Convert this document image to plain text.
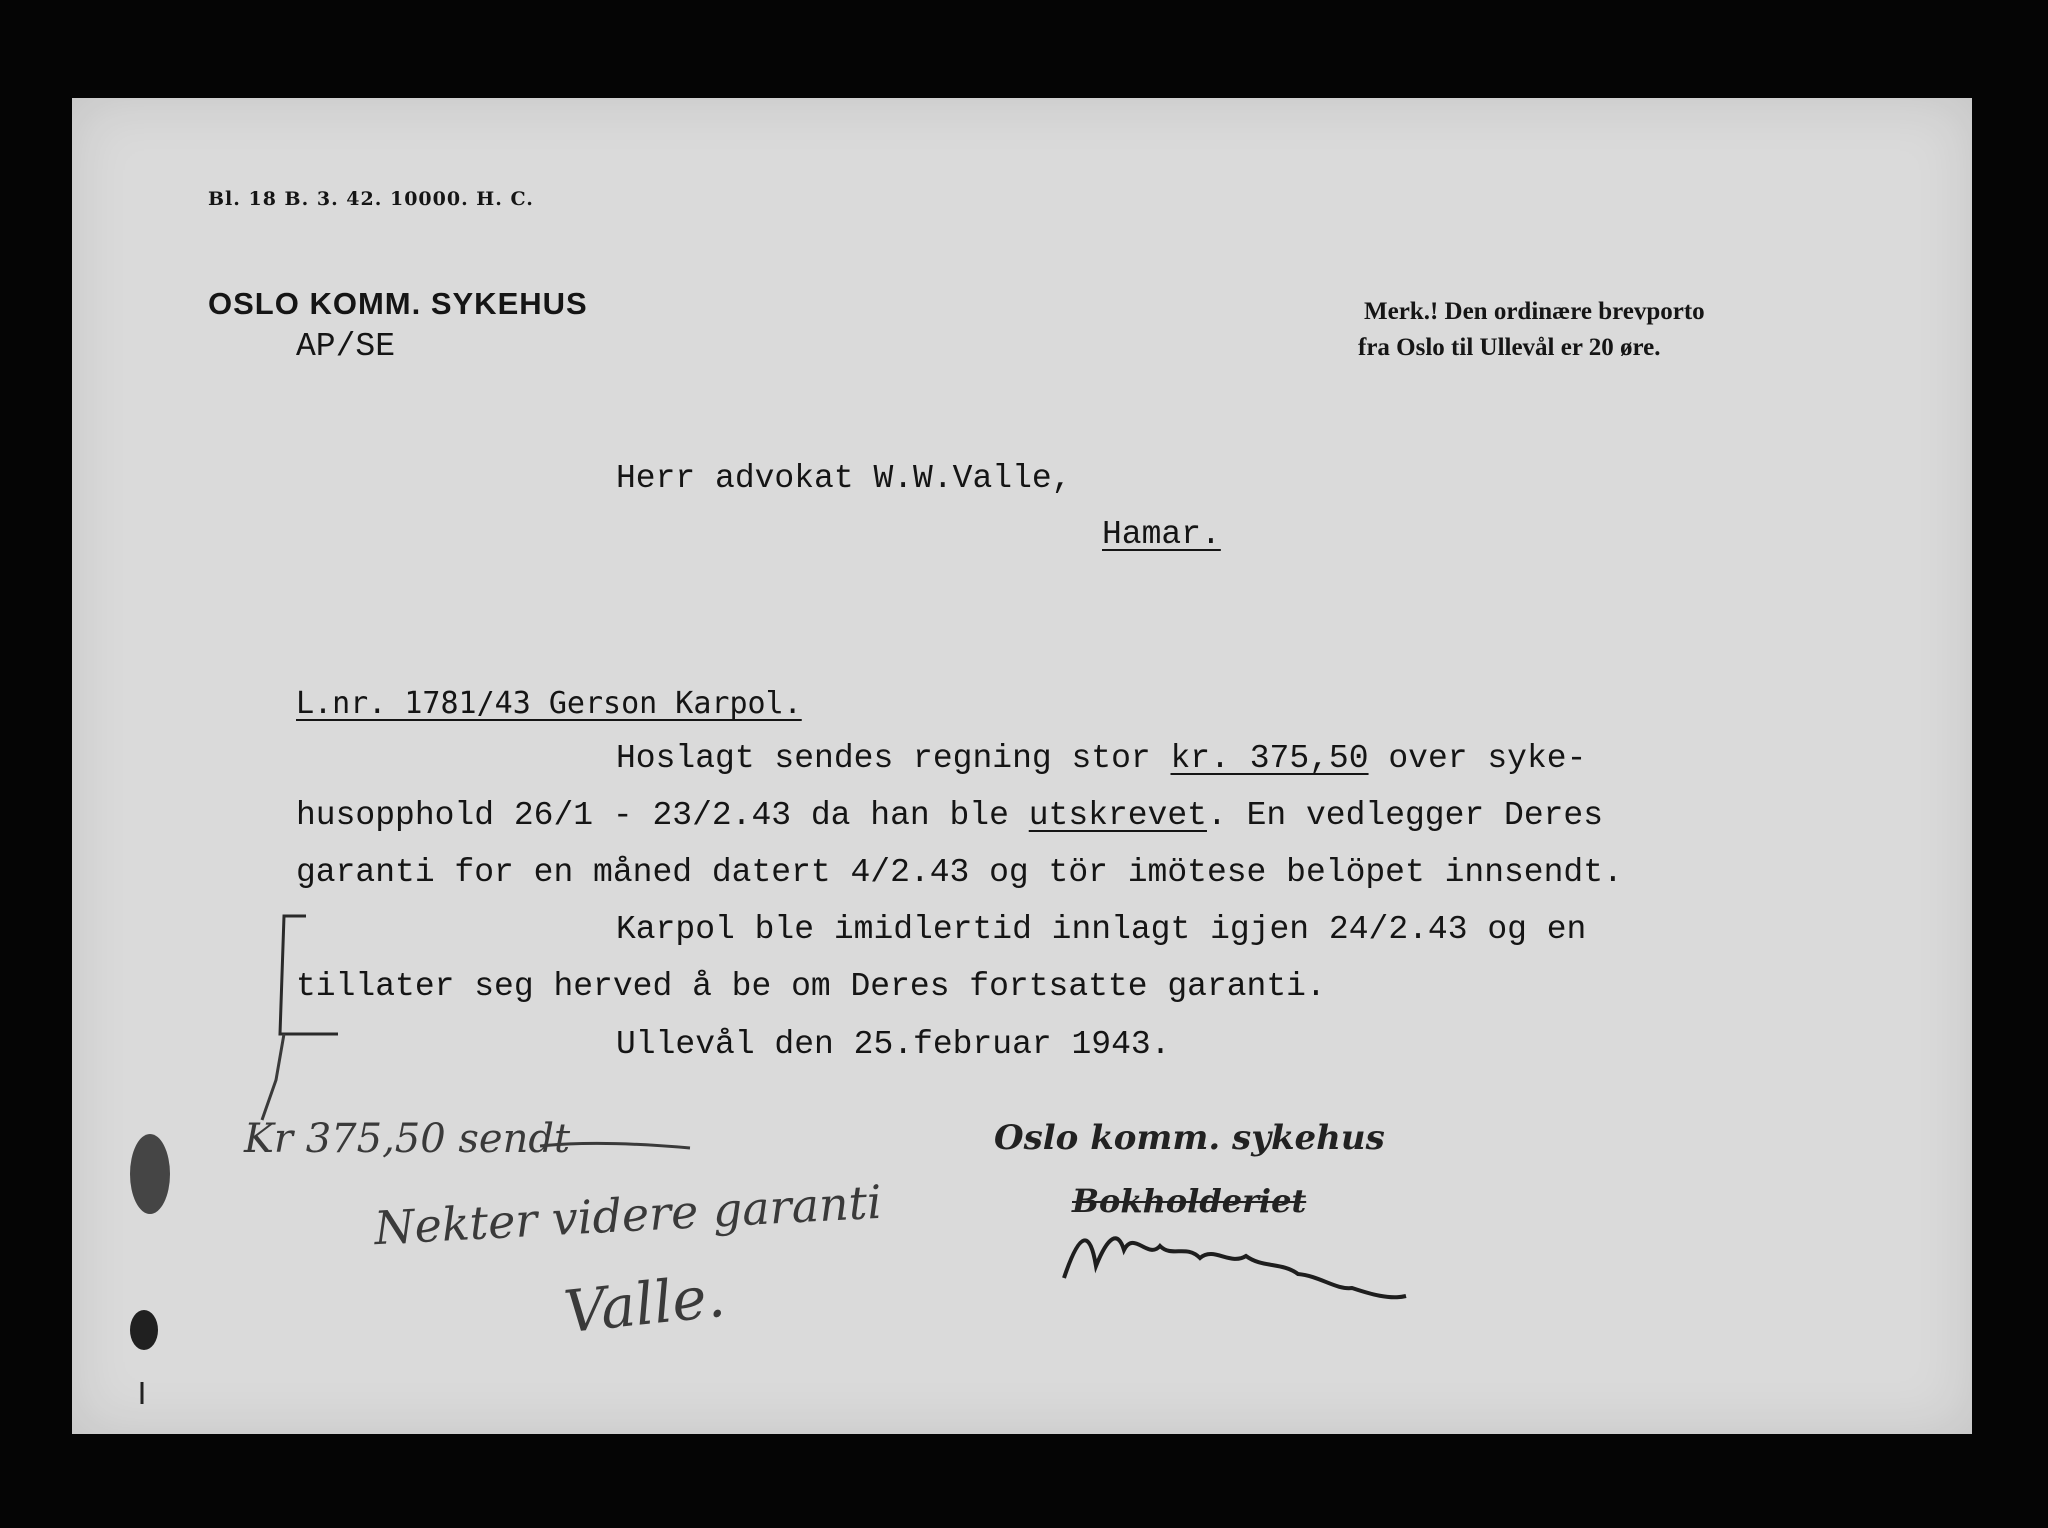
Bl. 18 B. 3. 42. 10000. H. C.
OSLO KOMM. SYKEHUS
AP/SE
Merk.! Den ordinære brevporto
fra Oslo til Ullevål er 20 øre.
Herr advokat W.W.Valle,
Hamar.
L.nr. 1781/43 Gerson Karpol.
Hoslagt sendes regning stor kr. 375,50 over syke-
husopphold 26/1 - 23/2.43 da han ble utskrevet. En vedlegger Deres
garanti for en måned datert 4/2.43 og tör imötese belöpet innsendt.
Karpol ble imidlertid innlagt igjen 24/2.43 og en
tillater seg herved å be om Deres fortsatte garanti.
Ullevål den 25.februar 1943.
Kr 375,50 sendt
Nekter videre garanti
Valle.
Oslo komm. sykehus
Bokholderiet
